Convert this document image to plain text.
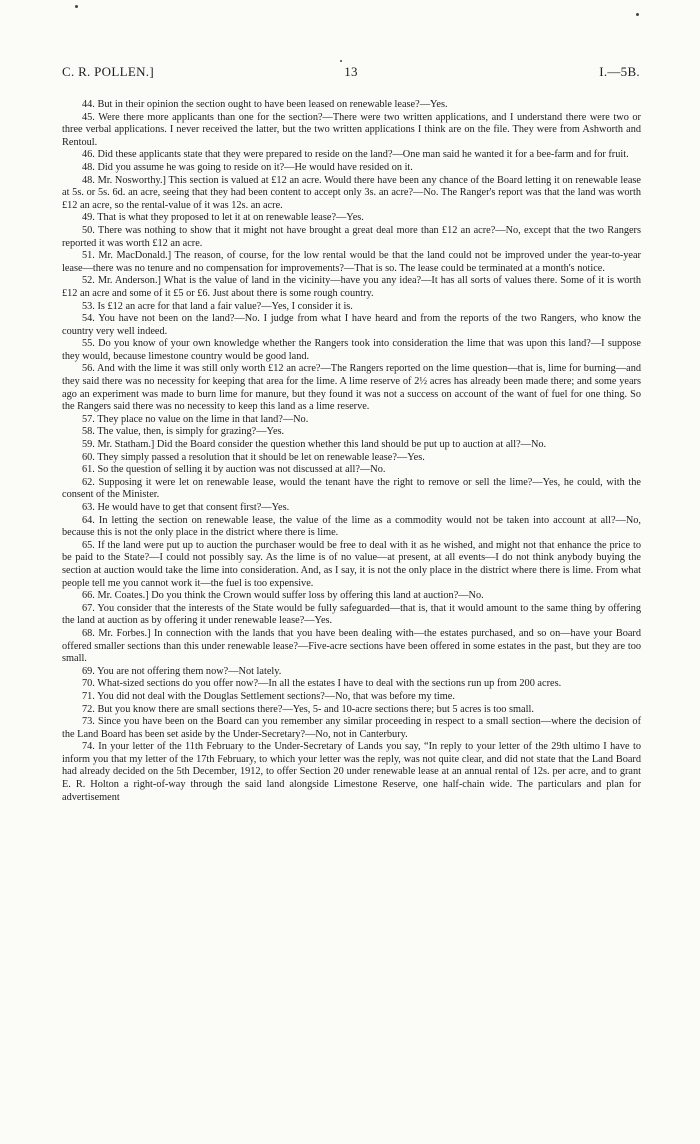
C. R. POLLEN.]	13	I.—5B.

44. But in their opinion the section ought to have been leased on renewable lease?—Yes.

45. Were there more applicants than one for the section?—There were two written applications, and I understand there were two or three verbal applications. I never received the latter, but the two written applications I think are on the file. They were from Ashworth and Rentoul.

46. Did these applicants state that they were prepared to reside on the land?—One man said he wanted it for a bee-farm and for fruit.

48. Did you assume he was going to reside on it?—He would have resided on it.

48. Mr. Nosworthy.] This section is valued at £12 an acre. Would there have been any chance of the Board letting it on renewable lease at 5s. or 5s. 6d. an acre, seeing that they had been content to accept only 3s. an acre?—No. The Ranger's report was that the land was worth £12 an acre, so the rental-value of it was 12s. an acre.

49. That is what they proposed to let it at on renewable lease?—Yes.

50. There was nothing to show that it might not have brought a great deal more than £12 an acre?—No, except that the two Rangers reported it was worth £12 an acre.

51. Mr. MacDonald.] The reason, of course, for the low rental would be that the land could not be improved under the year-to-year lease—there was no tenure and no compensation for improvements?—That is so. The lease could be terminated at a month's notice.

52. Mr. Anderson.] What is the value of land in the vicinity—have you any idea?—It has all sorts of values there. Some of it is worth £12 an acre and some of it £5 or £6. Just about there is some rough country.

53. Is £12 an acre for that land a fair value?—Yes, I consider it is.

54. You have not been on the land?—No. I judge from what I have heard and from the reports of the two Rangers, who know the country very well indeed.

55. Do you know of your own knowledge whether the Rangers took into consideration the lime that was upon this land?—I suppose they would, because limestone country would be good land.

56. And with the lime it was still only worth £12 an acre?—The Rangers reported on the lime question—that is, lime for burning—and they said there was no necessity for keeping that area for the lime. A lime reserve of 2½ acres has already been made there; and some years ago an experiment was made to burn lime for manure, but they found it was not a success on account of the want of fuel for one thing. So the Rangers said there was no necessity to keep this land as a lime reserve.

57. They place no value on the lime in that land?—No.

58. The value, then, is simply for grazing?—Yes.

59. Mr. Statham.] Did the Board consider the question whether this land should be put up to auction at all?—No.

60. They simply passed a resolution that it should be let on renewable lease?—Yes.

61. So the question of selling it by auction was not discussed at all?—No.

62. Supposing it were let on renewable lease, would the tenant have the right to remove or sell the lime?—Yes, he could, with the consent of the Minister.

63. He would have to get that consent first?—Yes.

64. In letting the section on renewable lease, the value of the lime as a commodity would not be taken into account at all?—No, because this is not the only place in the district where there is lime.

65. If the land were put up to auction the purchaser would be free to deal with it as he wished, and might not that enhance the price to be paid to the State?—I could not possibly say. As the lime is of no value—at present, at all events—I do not think anybody buying the section at auction would take the lime into consideration. And, as I say, it is not the only place in the district where there is lime. From what people tell me you cannot work it—the fuel is too expensive.

66. Mr. Coates.] Do you think the Crown would suffer loss by offering this land at auction?—No.

67. You consider that the interests of the State would be fully safeguarded—that is, that it would amount to the same thing by offering the land at auction as by offering it under renewable lease?—Yes.

68. Mr. Forbes.] In connection with the lands that you have been dealing with—the estates purchased, and so on—have your Board offered smaller sections than this under renewable lease?—Five-acre sections have been offered in some estates in the past, but they are too small.

69. You are not offering them now?—Not lately.

70. What-sized sections do you offer now?—In all the estates I have to deal with the sections run up from 200 acres.

71. You did not deal with the Douglas Settlement sections?—No, that was before my time.

72. But you know there are small sections there?—Yes, 5- and 10-acre sections there; but 5 acres is too small.

73. Since you have been on the Board can you remember any similar proceeding in respect to a small section—where the decision of the Land Board has been set aside by the Under-Secretary?—No, not in Canterbury.

74. In your letter of the 11th February to the Under-Secretary of Lands you say, “In reply to your letter of the 29th ultimo I have to inform you that my letter of the 17th February, to which your letter was the reply, was not quite clear, and did not state that the Land Board had already decided on the 5th December, 1912, to offer Section 20 under renewable lease at an annual rental of 12s. per acre, and to grant E. R. Holton a right-of-way through the said land alongside Limestone Reserve, one half-chain wide. The particulars and plan for advertisement
